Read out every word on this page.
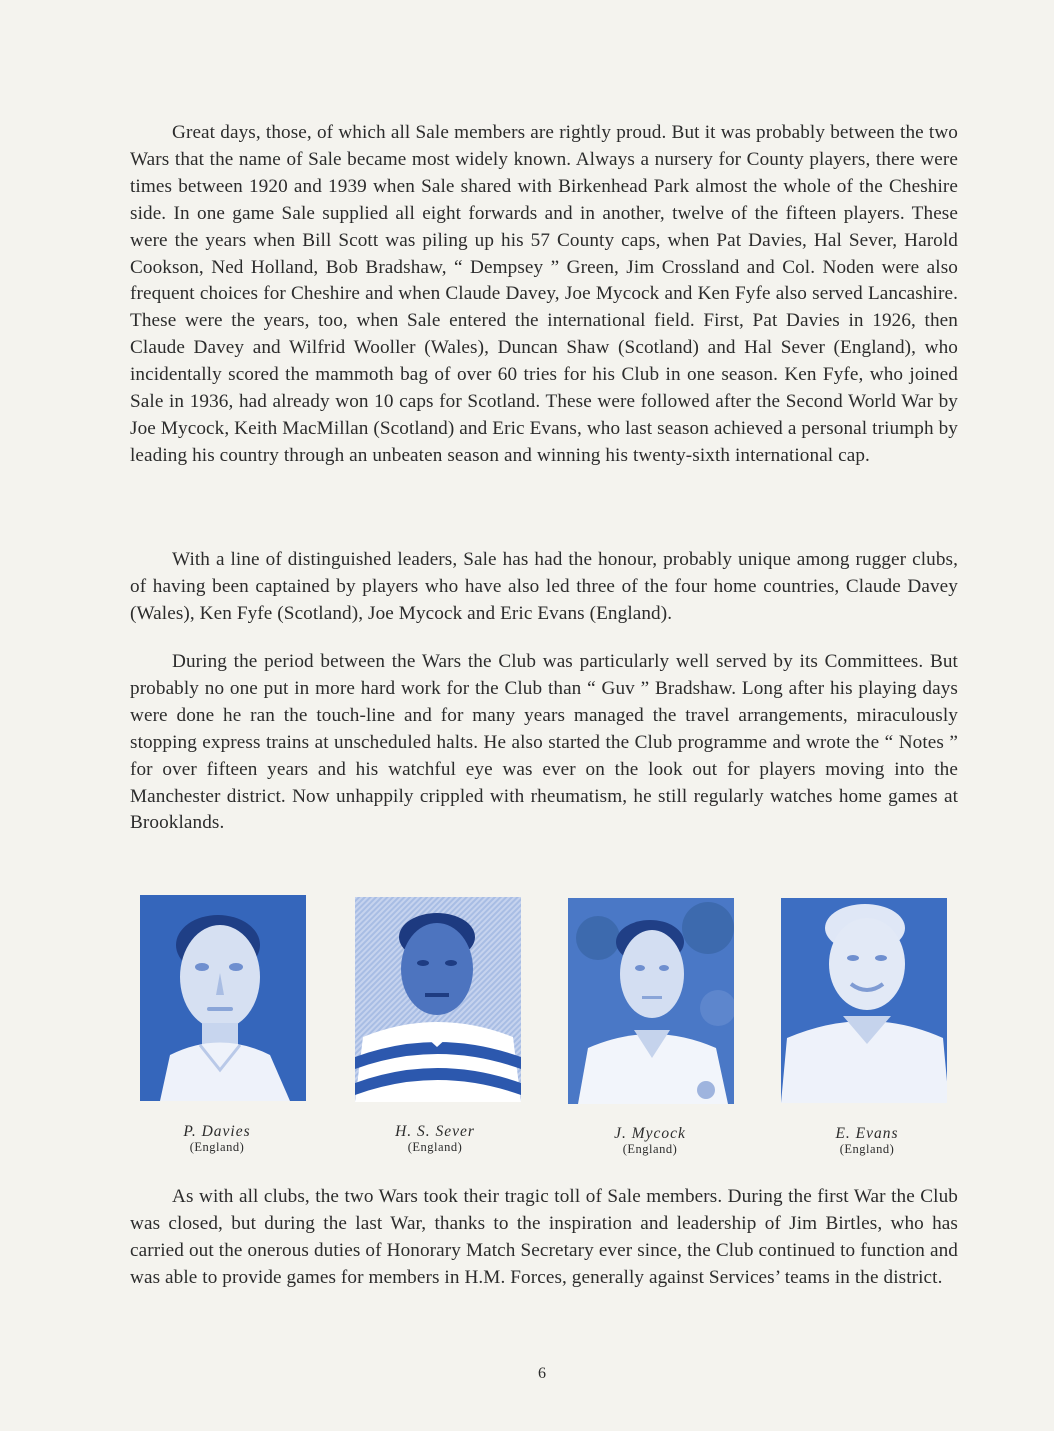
Great days, those, of which all Sale members are rightly proud. But it was probably between the two Wars that the name of Sale became most widely known. Always a nursery for County players, there were times between 1920 and 1939 when Sale shared with Birkenhead Park almost the whole of the Cheshire side. In one game Sale supplied all eight forwards and in another, twelve of the fifteen players. These were the years when Bill Scott was piling up his 57 County caps, when Pat Davies, Hal Sever, Harold Cookson, Ned Holland, Bob Bradshaw, “ Dempsey ” Green, Jim Crossland and Col. Noden were also frequent choices for Cheshire and when Claude Davey, Joe Mycock and Ken Fyfe also served Lancashire. These were the years, too, when Sale entered the international field. First, Pat Davies in 1926, then Claude Davey and Wilfrid Wooller (Wales), Duncan Shaw (Scotland) and Hal Sever (England), who incidentally scored the mammoth bag of over 60 tries for his Club in one season. Ken Fyfe, who joined Sale in 1936, had already won 10 caps for Scotland. These were followed after the Second World War by Joe Mycock, Keith MacMillan (Scotland) and Eric Evans, who last season achieved a personal triumph by leading his country through an unbeaten season and winning his twenty-sixth international cap.

With a line of distinguished leaders, Sale has had the honour, probably unique among rugger clubs, of having been captained by players who have also led three of the four home countries, Claude Davey (Wales), Ken Fyfe (Scotland), Joe Mycock and Eric Evans (England).

During the period between the Wars the Club was particularly well served by its Committees. But probably no one put in more hard work for the Club than “ Guv ” Bradshaw. Long after his playing days were done he ran the touch-line and for many years managed the travel arrangements, miraculously stopping express trains at unscheduled halts. He also started the Club programme and wrote the “ Notes ” for over fifteen years and his watchful eye was ever on the look out for players moving into the Manchester district. Now unhappily crippled with rheumatism, he still regularly watches home games at Brooklands.

P. Davies
(England)
H. S. Sever
(England)
J. Mycock
(England)
E. Evans
(England)

As with all clubs, the two Wars took their tragic toll of Sale members. During the first War the Club was closed, but during the last War, thanks to the inspiration and leadership of Jim Birtles, who has carried out the onerous duties of Honorary Match Secretary ever since, the Club continued to function and was able to provide games for members in H.M. Forces, generally against Services’ teams in the district.

6
